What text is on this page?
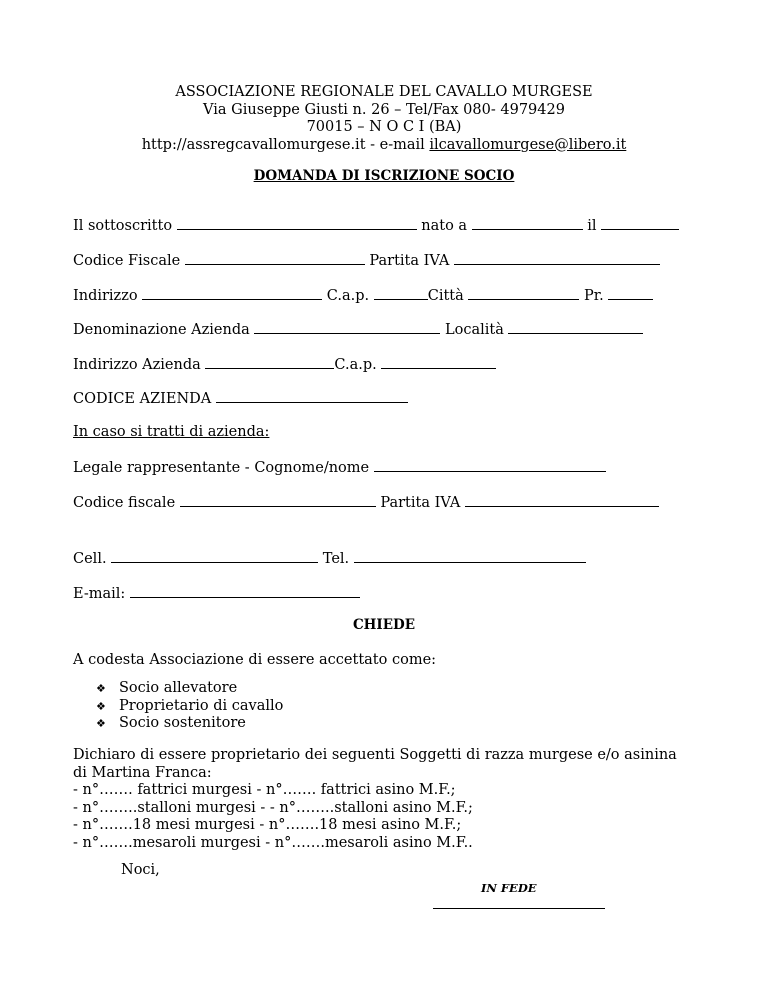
ASSOCIAZIONE REGIONALE DEL CAVALLO MURGESE
Via Giuseppe Giusti n. 26 – Tel/Fax 080- 4979429
70015 – N O C I (BA)
http://assregcavallomurgese.it - e-mail ilcavallomurgese@libero.it
DOMANDA DI ISCRIZIONE SOCIO
Il sottoscritto	nato a	il
Codice Fiscale	Partita IVA
Indirizzo	C.a.p.	Città	Pr.
Denominazione Azienda	Località
Indirizzo Azienda	C.a.p.
CODICE AZIENDA
In caso si tratti di azienda:
Legale rappresentante - Cognome/nome
Codice fiscale	Partita IVA
Cell.	Tel.
E-mail:
CHIEDE
A codesta Associazione di essere accettato come:
❖ Socio allevatore
❖ Proprietario di cavallo
❖ Socio sostenitore
Dichiaro di essere proprietario dei seguenti Soggetti di razza murgese e/o asinina
di Martina Franca:
- n°……. fattrici murgesi - n°……. fattrici asino M.F.;
- n°……..stalloni murgesi - - n°……..stalloni asino M.F.;
- n°…….18 mesi murgesi - n°…….18 mesi asino M.F.;
- n°…….mesaroli murgesi - n°…….mesaroli asino M.F..
Noci,
IN FEDE
